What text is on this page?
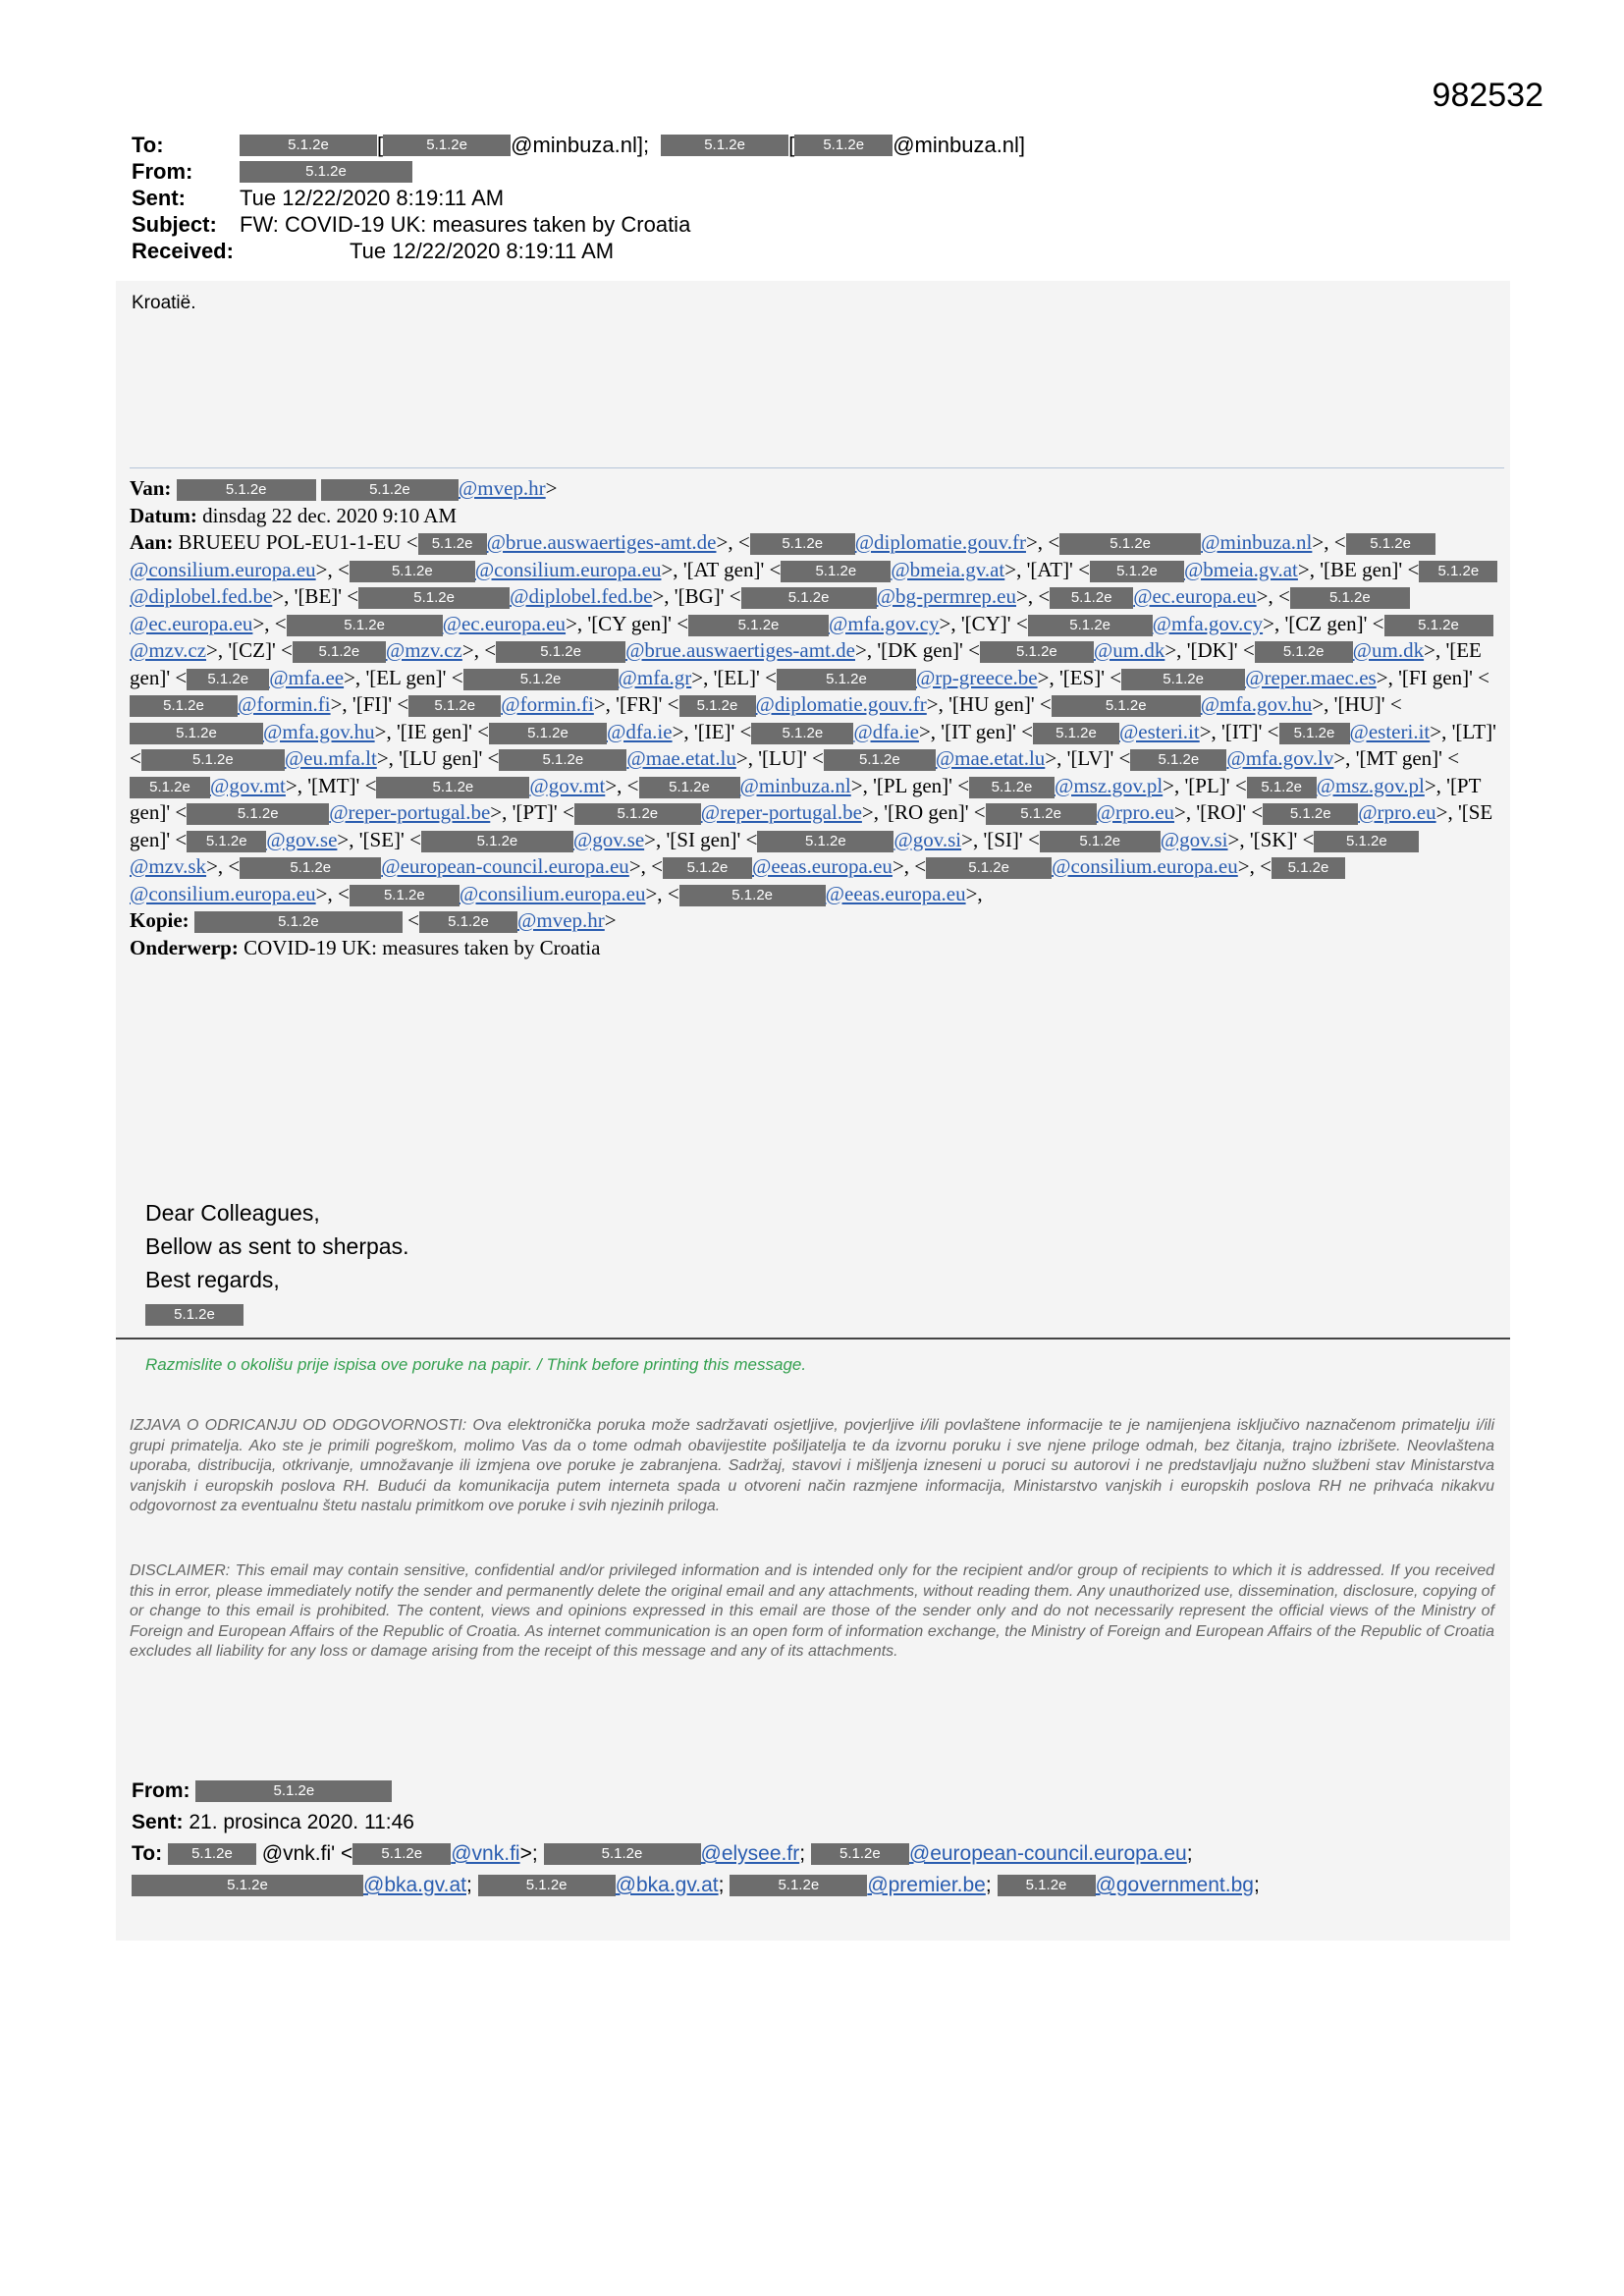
982532
To:	5.1.2e	[	5.1.2e	@minbuza.nl];	5.1.2e	[	5.1.2e	@minbuza.nl]
From:	5.1.2e
Sent:	Tue 12/22/2020 8:19:11 AM
Subject:	FW: COVID-19 UK: measures taken by Croatia
Received:	Tue 12/22/2020 8:19:11 AM
Kroatië.
Van:	5.1.2e	5.1.2e @mvep.hr>
Datum: dinsdag 22 dec. 2020 9:10 AM
Aan: BRUEEU POL-EU1-1-EU < 5.1.2e @brue.auswaertiges-amt.de>, < 5.1.2e @diplomatie.gouv.fr>, <	5.1.2e @minbuza.nl>, < 5.1.2e@consilium.europa.eu>, <	5.1.2e @consilium.europa.eu>, '[AT gen]' < 5.1.2e @bmeia.gv.at>, '[AT]' < 5.1.2e @bmeia.gv.at>, '[BE gen]' < 5.1.2e@diplobel.fed.be>, '[BE]' <	5.1.2e	@diplobel.fed.be>, '[BG]' <	5.1.2e @bg-permrep.eu>, < 5.1.2e @ec.europa.eu>, <	5.1.2e@ec.europa.eu>, <	5.1.2e	@ec.europa.eu>, '[CY gen]' <	5.1.2e @mfa.gov.cy>, '[CY]' <	5.1.2e @mfa.gov.cy>, '[CZ gen]' < 5.1.2e@mzv.cz>, '[CZ]' < 5.1.2e @mzv.cz>, <	5.1.2e @brue.auswaertiges-amt.de>, '[DK gen]' < 5.1.2e @um.dk>, '[DK]' < 5.1.2e @um.dk>, '[EE gen]' < 5.1.2e @mfa.ee>, '[EL gen]' <	5.1.2e	@mfa.gr>, '[EL]' <	5.1.2e @rp-greece.be>, '[ES]' <	5.1.2e @reper.maec.es>, '[FI gen]' <5.1.2e @formin.fi>, '[FI]' < 5.1.2e @formin.fi>, '[FR]' < 5.1.2e @diplomatie.gouv.fr>, '[HU gen]' <	5.1.2e	@mfa.gov.hu>, '[HU]' <5.1.2e @mfa.gov.hu>, '[IE gen]' <	5.1.2e @dfa.ie>, '[IE]' < 5.1.2e @dfa.ie>, '[IT gen]' < 5.1.2e @esteri.it>, '[IT]' < 5.1.2e @esteri.it>, '[LT]' <	5.1.2e @eu.mfa.lt>, '[LU gen]' <	5.1.2e @mae.etat.lu>, '[LU]' < 5.1.2e @mae.etat.lu>, '[LV]' < 5.1.2e @mfa.gov.lv>, '[MT gen]' <5.1.2e @gov.mt>, '[MT]' <	5.1.2e	@gov.mt>, < 5.1.2e @minbuza.nl>, '[PL gen]' < 5.1.2e @msz.gov.pl>, '[PL]' < 5.1.2e @msz.gov.pl>, '[PT gen]' <	5.1.2e @reper-portugal.be>, '[PT]' <	5.1.2e @reper-portugal.be>, '[RO gen]' < 5.1.2e @rpro.eu>, '[RO]' < 5.1.2e @rpro.eu>, '[SE gen]' < 5.1.2e @gov.se>, '[SE]' <	5.1.2e	@gov.se>, '[SI gen]' <	5.1.2e @gov.si>, '[SI]' <	5.1.2e @gov.si>, '[SK]' < 5.1.2e@mzv.sk>, <	5.1.2e @european-council.europa.eu>, < 5.1.2e @eeas.europa.eu>, <	5.1.2e @consilium.europa.eu>, < 5.1.2e@consilium.europa.eu>, < 5.1.2e @consilium.europa.eu>, <	5.1.2e	@eeas.europa.eu>,
Kopie:	5.1.2e	< 5.1.2e @mvep.hr>
Onderwerp: COVID-19 UK: measures taken by Croatia
Dear Colleagues,
Bellow as sent to sherpas.
Best regards,
5.1.2e
Razmislite o okolišu prije ispisa ove poruke na papir. / Think before printing this message.
IZJAVA O ODRICANJU OD ODGOVORNOSTI: Ova elektronička poruka može sadržavati osjetljive, povjerljive i/ili povlaštene informacije te je namijenjena isključivo naznačenom primatelju i/ili grupi primatelja. Ako ste je primili pogreškom, molimo Vas da o tome odmah obavijestite pošiljatelja te da izvornu poruku i sve njene priloge odmah, bez čitanja, trajno izbrišete. Neovlaštena uporaba, distribucija, otkrivanje, umnožavanje ili izmjena ove poruke je zabranjena. Sadržaj, stavovi i mišljenja izneseni u poruci su autorovi i ne predstavljaju nužno službeni stav Ministarstva vanjskih i europskih poslova RH. Budući da komunikacija putem interneta spada u otvoreni način razmjene informacija, Ministarstvo vanjskih i europskih poslova RH ne prihvaća nikakvu odgovornost za eventualnu štetu nastalu primitkom ove poruke i svih njezinih priloga.
DISCLAIMER: This email may contain sensitive, confidential and/or privileged information and is intended only for the recipient and/or group of recipients to which it is addressed. If you received this in error, please immediately notify the sender and permanently delete the original email and any attachments, without reading them. Any unauthorized use, dissemination, disclosure, copying of or change to this email is prohibited. The content, views and opinions expressed in this email are those of the sender only and do not necessarily represent the official views of the Ministry of Foreign and European Affairs of the Republic of Croatia. As internet communication is an open form of information exchange, the Ministry of Foreign and European Affairs of the Republic of Croatia excludes all liability for any loss or damage arising from the receipt of this message and any of its attachments.
From:	5.1.2e
Sent: 21. prosinca 2020. 11:46
To: 5.1.2e @vnk.fi' < 5.1.2e @vnk.fi>;	5.1.2e	@elysee.fr; 5.1.2e @european-council.europa.eu;
5.1.2e	@bka.gv.at;	5.1.2e @bka.gv.at;	5.1.2e @premier.be; 5.1.2e @government.bg;
